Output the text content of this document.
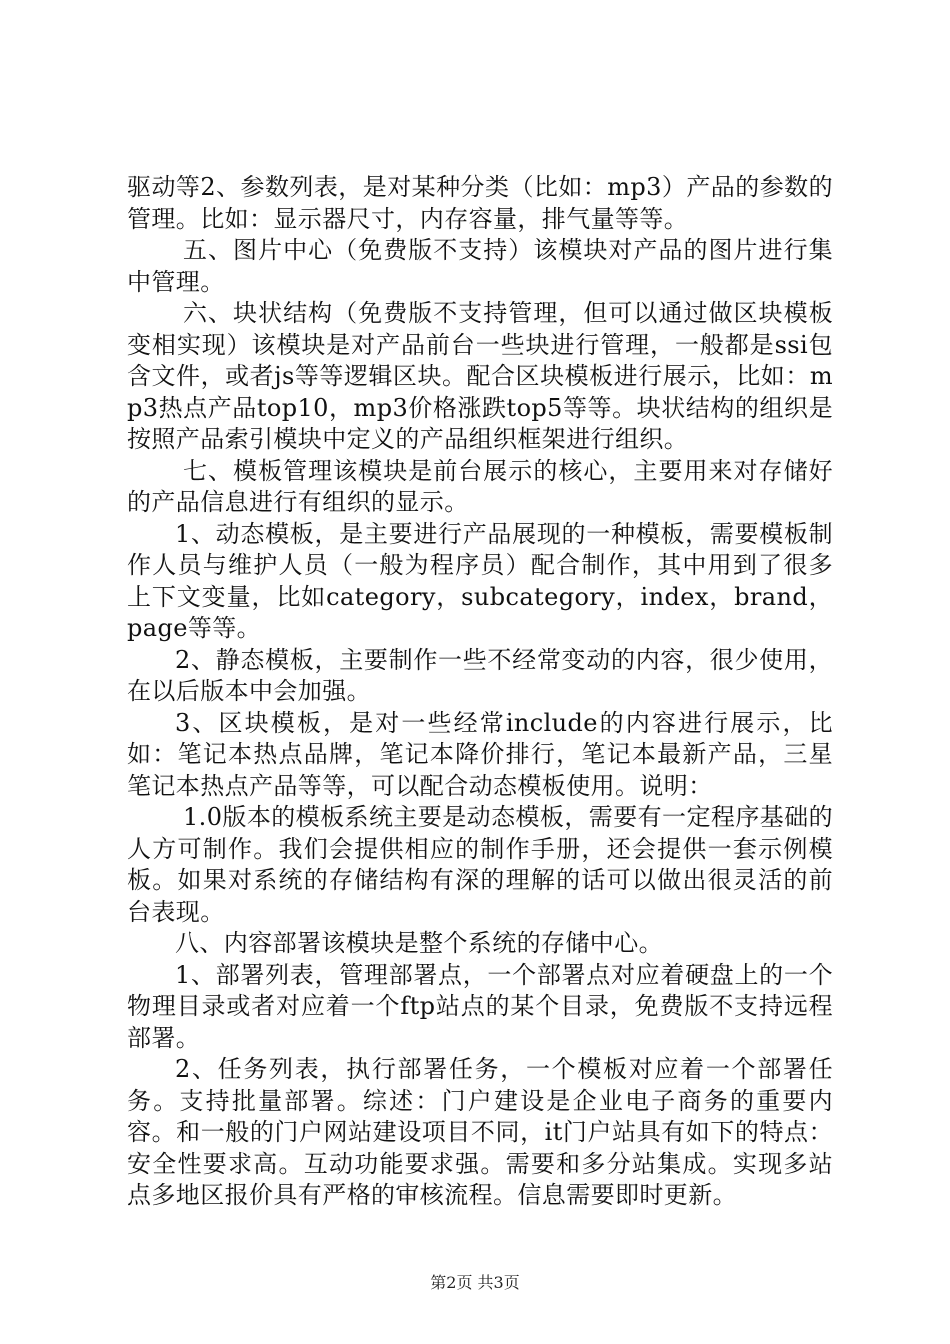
驱动等2、参数列表，是对某种分类（比如：mp3）产品的参数的管理。比如：显示器尺寸，内存容量，排气量等等。

五、图片中心（免费版不支持）该模块对产品的图片进行集中管理。

六、块状结构（免费版不支持管理，但可以通过做区块模板变相实现）该模块是对产品前台一些块进行管理，一般都是ssi包含文件，或者js等等逻辑区块。配合区块模板进行展示，比如：mp3热点产品top10，mp3价格涨跌top5等等。块状结构的组织是按照产品索引模块中定义的产品组织框架进行组织。

七、模板管理该模块是前台展示的核心，主要用来对存储好的产品信息进行有组织的显示。

1、动态模板，是主要进行产品展现的一种模板，需要模板制作人员与维护人员（一般为程序员）配合制作，其中用到了很多上下文变量，比如category，subcategory，index，brand，page等等。

2、静态模板，主要制作一些不经常变动的内容，很少使用，在以后版本中会加强。

3、区块模板，是对一些经常include的内容进行展示，比如：笔记本热点品牌，笔记本降价排行，笔记本最新产品，三星笔记本热点产品等等，可以配合动态模板使用。说明：

1.0版本的模板系统主要是动态模板，需要有一定程序基础的人方可制作。我们会提供相应的制作手册，还会提供一套示例模板。如果对系统的存储结构有深的理解的话可以做出很灵活的前台表现。

八、内容部署该模块是整个系统的存储中心。

1、部署列表，管理部署点，一个部署点对应着硬盘上的一个物理目录或者对应着一个ftp站点的某个目录，免费版不支持远程部署。

2、任务列表，执行部署任务，一个模板对应着一个部署任务。支持批量部署。综述：门户建设是企业电子商务的重要内容。和一般的门户网站建设项目不同，it门户站具有如下的特点：安全性要求高。互动功能要求强。需要和多分站集成。实现多站点多地区报价具有严格的审核流程。信息需要即时更新。

第2页 共3页
